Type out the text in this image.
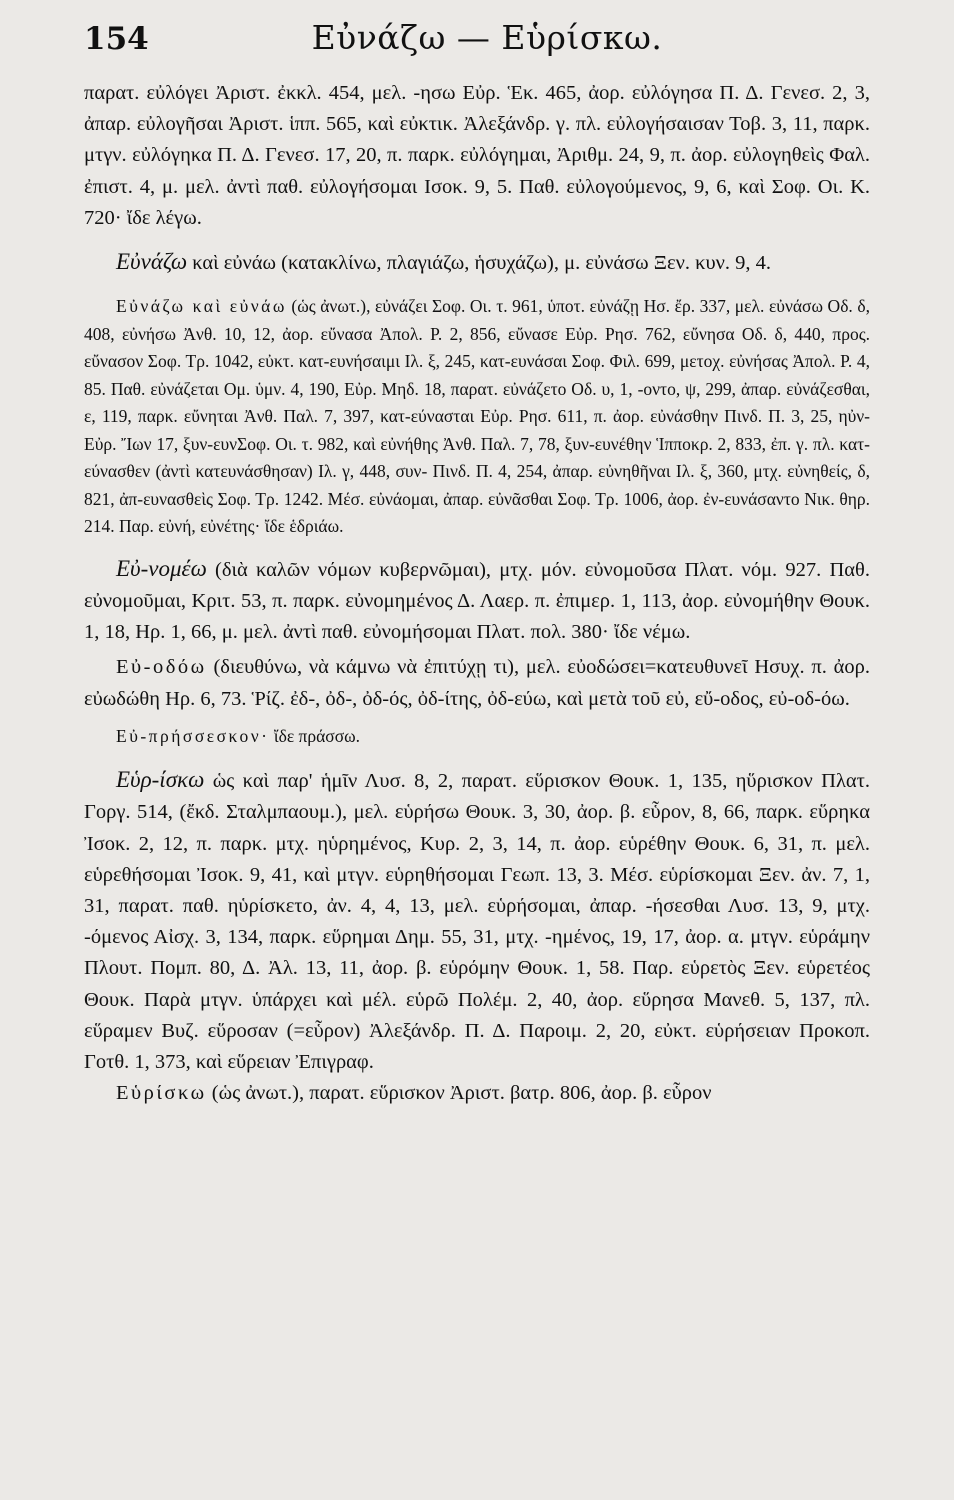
154	Εὐνάζω — Εὑρίσκω.

παρατ. εὐλόγει Ἀριστ. ἐκκλ. 454, μελ. -ησω Εὐρ. Ἑκ. 465, ἀορ. εὐλόγησα Π. Δ. Γενεσ. 2, 3, ἀπαρ. εὐλογῆσαι Ἀριστ. ἱππ. 565, καὶ εὐκτικ. Ἀλεξάνδρ. γ. πλ. εὐλογήσαισαν Τοβ. 3, 11, παρκ. μτγν. εὐλόγηκα Π. Δ. Γενεσ. 17, 20, π. παρκ. εὐλόγημαι, Ἀριθμ. 24, 9, π. ἀορ. εὐλογηθεὶς Φαλ. ἐπιστ. 4, μ. μελ. ἀντὶ παθ. εὐλογήσομαι Ισοκ. 9, 5. Παθ. εὐλογούμενος, 9, 6, καὶ Σοφ. Οι. Κ. 720· ἴδε λέγω.

Εὐνάζω καὶ εὐνάω (κατακλίνω, πλαγιάζω, ἡσυχάζω), μ. εὐνάσω Ξεν. κυν. 9, 4.

Εὐνάζω καὶ εὐνάω (ὡς ἀνωτ.), εὐνάζει Σοφ. Οι. τ. 961, ὑποτ. εὐνάζῃ Ησ. ἔρ. 337, μελ. εὐνάσω Οδ. δ, 408, εὐνήσω Ἀνθ. 10, 12, ἀορ. εὔνασα Ἀπολ. Ρ. 2, 856, εὔνασε Εὐρ. Ρησ. 762, εὔνησα Οδ. δ, 440, προς. εὔνασον Σοφ. Τρ. 1042, εὐκτ. κατ-ευνήσαιμι Ιλ. ξ, 245, κατ-ευνάσαι Σοφ. Φιλ. 699, μετοχ. εὐνήσας Ἀπολ. Ρ. 4, 85. Παθ. εὐνάζεται Ομ. ὑμν. 4, 190, Εὐρ. Μηδ. 18, παρατ. εὐνάζετο Οδ. υ, 1, -οντο, ψ, 299, ἀπαρ. εὐνάζεσθαι, ε, 119, παρκ. εὔνηται Ἀνθ. Παλ. 7, 397, κατ-εύνασται Εὐρ. Ρησ. 611, π. ἀορ. εὐνάσθην Πινδ. Π. 3, 25, ηὐν- Εὐρ. Ἴων 17, ξυν-ευνΣοφ. Οι. τ. 982, καὶ εὐνήθης Ἀνθ. Παλ. 7, 78, ξυν-ευνέθην Ἱπποκρ. 2, 833, ἐπ. γ. πλ. κατ-εύνασθεν (ἀντὶ κατευνάσθησαν) Ιλ. γ, 448, συν- Πινδ. Π. 4, 254, ἀπαρ. εὐνηθῆναι Ιλ. ξ, 360, μτχ. εὐνηθείς, δ, 821, ἀπ-ευνασθεὶς Σοφ. Τρ. 1242. Μέσ. εὐνάομαι, ἀπαρ. εὐνᾶσθαι Σοφ. Τρ. 1006, ἀορ. ἐν-ευνάσαντο Νικ. θηρ. 214. Παρ. εὐνή, εὐνέτης· ἴδε ἑδριάω.

Εὐ-νομέω (διὰ καλῶν νόμων κυβερνῶμαι), μτχ. μόν. εὐνομοῦσα Πλατ. νόμ. 927. Παθ. εὐνομοῦμαι, Κριτ. 53, π. παρκ. εὐνομημένος Δ. Λαερ. π. ἐπιμερ. 1, 113, ἀορ. εὐνομήθην Θουκ. 1, 18, Ηρ. 1, 66, μ. μελ. ἀντὶ παθ. εὐνομήσομαι Πλατ. πολ. 380· ἴδε νέμω.

Εὐ-οδόω (διευθύνω, νὰ κάμνω νὰ ἐπιτύχῃ τι), μελ. εὐοδώσει=κατευθυνεῖ Ησυχ. π. ἀορ. εὐωδώθη Ηρ. 6, 73. Ῥίζ. ἐδ-, ὀδ-, ὀδ-ός, ὀδ-ίτης, ὀδ-εύω, καὶ μετὰ τοῦ εὐ, εὔ-οδος, εὐ-οδ-όω.

Εὐ-πρήσσεσκον· ἴδε πράσσω.

Εὑρ-ίσκω ὡς καὶ παρ' ἡμῖν Λυσ. 8, 2, παρατ. εὕρισκον Θουκ. 1, 135, ηὕρισκον Πλατ. Γοργ. 514, (ἔκδ. Σταλμπαουμ.), μελ. εὑρήσω Θουκ. 3, 30, ἀορ. β. εὗρον, 8, 66, παρκ. εὕρηκα Ἰσοκ. 2, 12, π. παρκ. μτχ. ηὑρημένος, Κυρ. 2, 3, 14, π. ἀορ. εὑρέθην Θουκ. 6, 31, π. μελ. εὑρεθήσομαι Ἰσοκ. 9, 41, καὶ μτγν. εὑρηθήσομαι Γεωπ. 13, 3. Μέσ. εὑρίσκομαι Ξεν. ἀν. 7, 1, 31, παρατ. παθ. ηὑρίσκετο, ἀν. 4, 4, 13, μελ. εὑρήσομαι, ἀπαρ. -ήσεσθαι Λυσ. 13, 9, μτχ. -όμενος Αἰσχ. 3, 134, παρκ. εὕρημαι Δημ. 55, 31, μτχ. -ημένος, 19, 17, ἀορ. α. μτγν. εὑράμην Πλουτ. Πομπ. 80, Δ. Ἀλ. 13, 11, ἀορ. β. εὑρόμην Θουκ. 1, 58. Παρ. εὑρετὸς Ξεν. εὑρετέος Θουκ. Παρὰ μτγν. ὑπάρχει καὶ μέλ. εὑρῶ Πολέμ. 2, 40, ἀορ. εὕρησα Μανεθ. 5, 137, πλ. εὕραμεν Βυζ. εὕροσαν (=εὗρον) Ἀλεξάνδρ. Π. Δ. Παροιμ. 2, 20, εὐκτ. εὑρήσειαν Προκοπ. Γοτθ. 1, 373, καὶ εὕρειαν Ἐπιγραφ.

Εὑρίσκω (ὡς ἀνωτ.), παρατ. εὕρισκον Ἀριστ. βατρ. 806, ἀορ. β. εὗρον
